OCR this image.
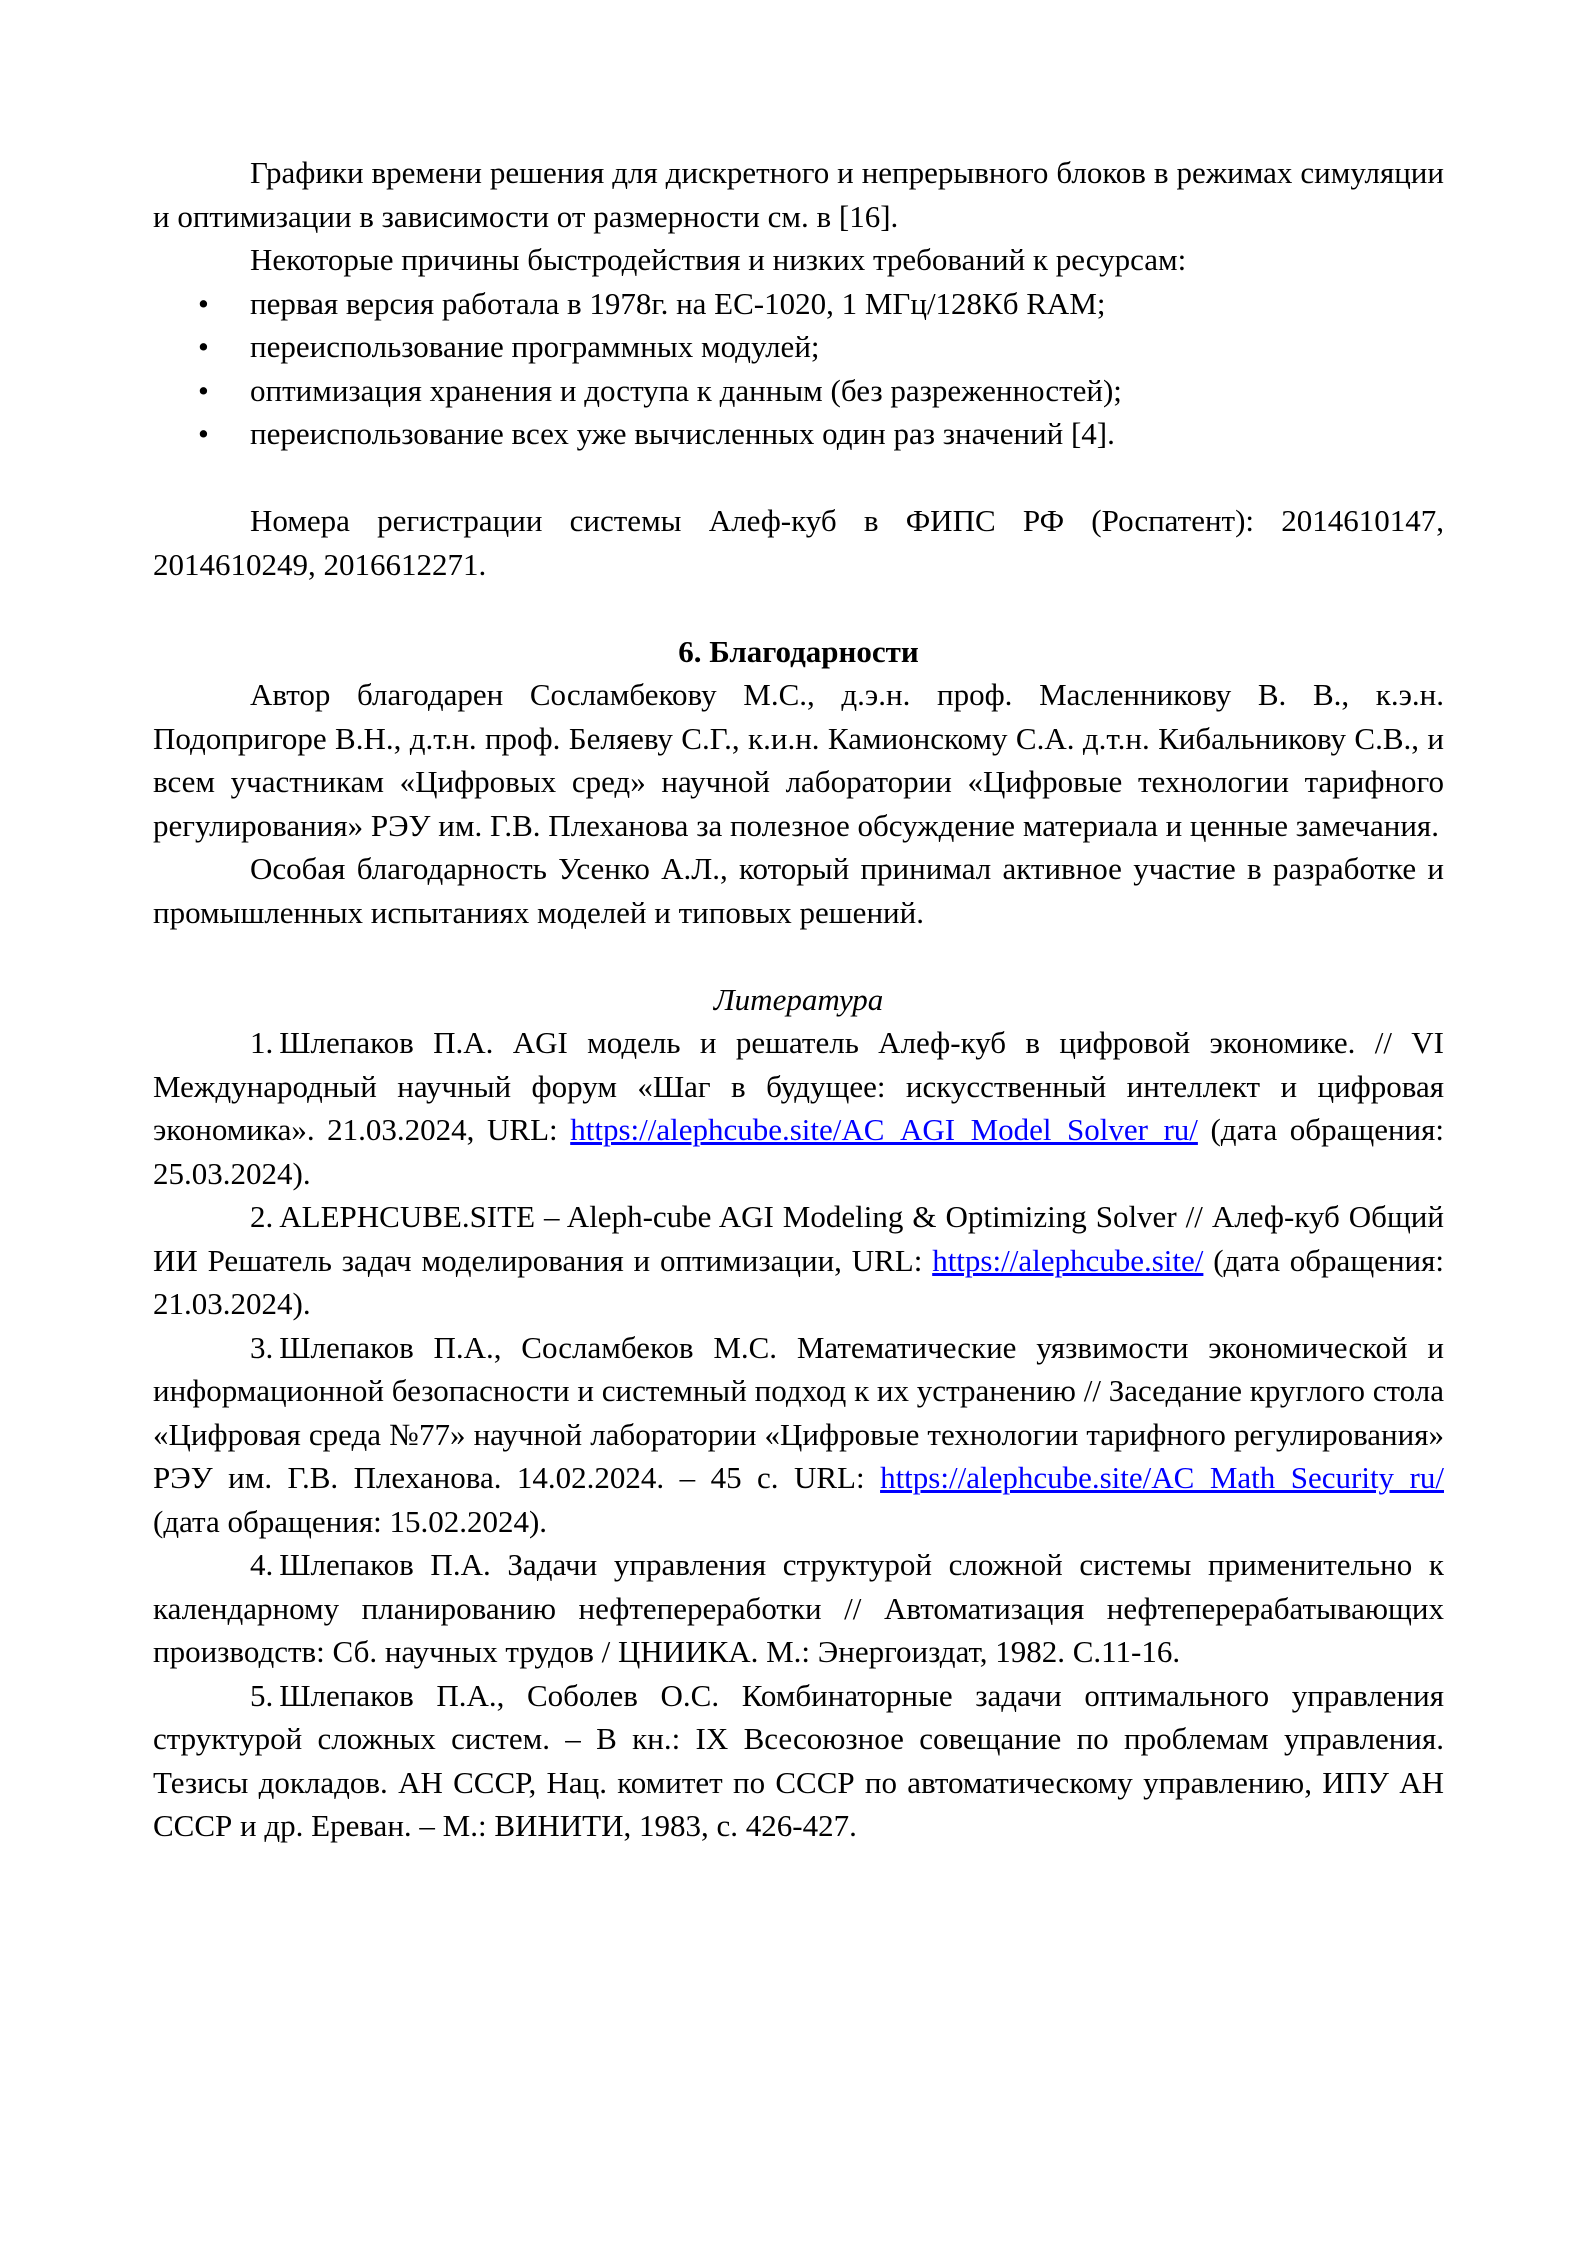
Графики времени решения для дискретного и непрерывного блоков в режимах симуляции и оптимизации в зависимости от размерности см. в [16].

Некоторые причины быстродействия и низких требований к ресурсам:

• первая версия работала в 1978г. на ЕС-1020, 1 МГц/128Кб RAM;
• переиспользование программных модулей;
• оптимизация хранения и доступа к данным (без разреженностей);
• переиспользование всех уже вычисленных один раз значений [4].

Номера регистрации системы Алеф-куб в ФИПС РФ (Роспатент): 2014610147, 2014610249, 2016612271.

6. Благодарности

Автор благодарен Сосламбекову М.С., д.э.н. проф. Масленникову В. В., к.э.н. Подопригоре В.Н., д.т.н. проф. Беляеву С.Г., к.и.н. Камионскому С.А. д.т.н. Кибальникову С.В., и всем участникам «Цифровых сред» научной лаборатории «Цифровые технологии тарифного регулирования» РЭУ им. Г.В. Плеханова за полезное обсуждение материала и ценные замечания.

Особая благодарность Усенко А.Л., который принимал активное участие в разработке и промышленных испытаниях моделей и типовых решений.

Литература

1. Шлепаков П.А. AGI модель и решатель Алеф-куб в цифровой экономике. // VI Международный научный форум «Шаг в будущее: искусственный интеллект и цифровая экономика». 21.03.2024, URL: https://alephcube.site/AC_AGI_Model_Solver_ru/ (дата обращения: 25.03.2024).

2. ALEPHCUBE.SITE – Aleph-cube AGI Modeling & Optimizing Solver // Алеф-куб Общий ИИ Решатель задач моделирования и оптимизации, URL: https://alephcube.site/ (дата обращения: 21.03.2024).

3. Шлепаков П.А., Сосламбеков М.С. Математические уязвимости экономической и информационной безопасности и системный подход к их устранению // Заседание круглого стола «Цифровая среда №77» научной лаборатории «Цифровые технологии тарифного регулирования» РЭУ им. Г.В. Плеханова. 14.02.2024. – 45 с. URL: https://alephcube.site/AC_Math_Security_ru/ (дата обращения: 15.02.2024).

4. Шлепаков П.А. Задачи управления структурой сложной системы применительно к календарному планированию нефтепереработки // Автоматизация нефтеперерабатывающих производств: Сб. научных трудов / ЦНИИКА. М.: Энергоиздат, 1982. С.11-16.

5. Шлепаков П.А., Соболев О.С. Комбинаторные задачи оптимального управления структурой сложных систем. – В кн.: IX Всесоюзное совещание по проблемам управления. Тезисы докладов. АН СССР, Нац. комитет по СССР по автоматическому управлению, ИПУ АН СССР и др. Ереван. – М.: ВИНИТИ, 1983, с. 426-427.
